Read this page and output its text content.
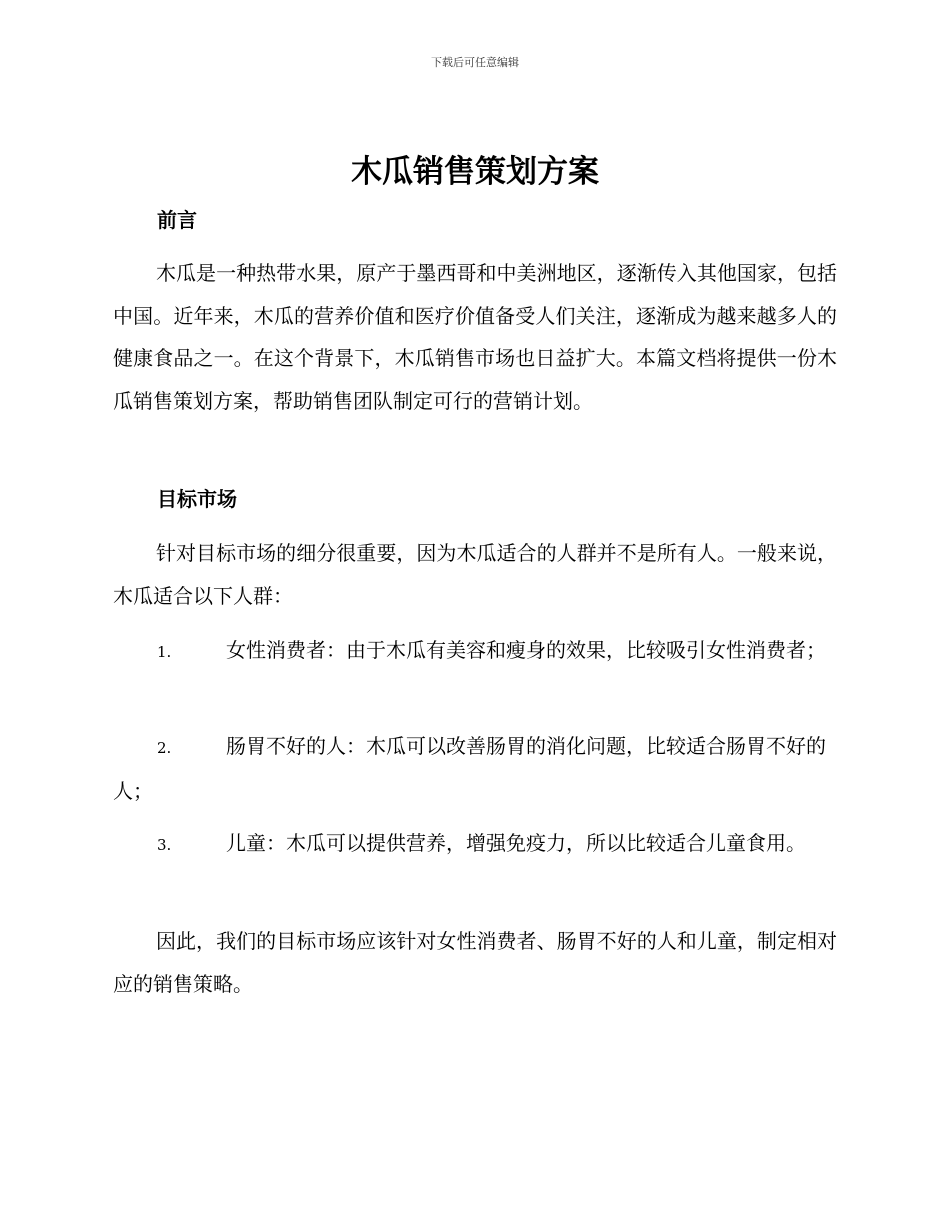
下载后可任意编辑
木瓜销售策划方案
前言

木瓜是一种热带水果，原产于墨西哥和中美洲地区，逐渐传入其他国家，包括中国。近年来，木瓜的营养价值和医疗价值备受人们关注，逐渐成为越来越多人的健康食品之一。在这个背景下，木瓜销售市场也日益扩大。本篇文档将提供一份木瓜销售策划方案，帮助销售团队制定可行的营销计划。

目标市场

针对目标市场的细分很重要，因为木瓜适合的人群并不是所有人。一般来说，木瓜适合以下人群：

1.	女性消费者：由于木瓜有美容和瘦身的效果，比较吸引女性消费者；

2.	肠胃不好的人：木瓜可以改善肠胃的消化问题，比较适合肠胃不好的人；

3.	儿童：木瓜可以提供营养，增强免疫力，所以比较适合儿童食用。

因此，我们的目标市场应该针对女性消费者、肠胃不好的人和儿童，制定相对应的销售策略。
